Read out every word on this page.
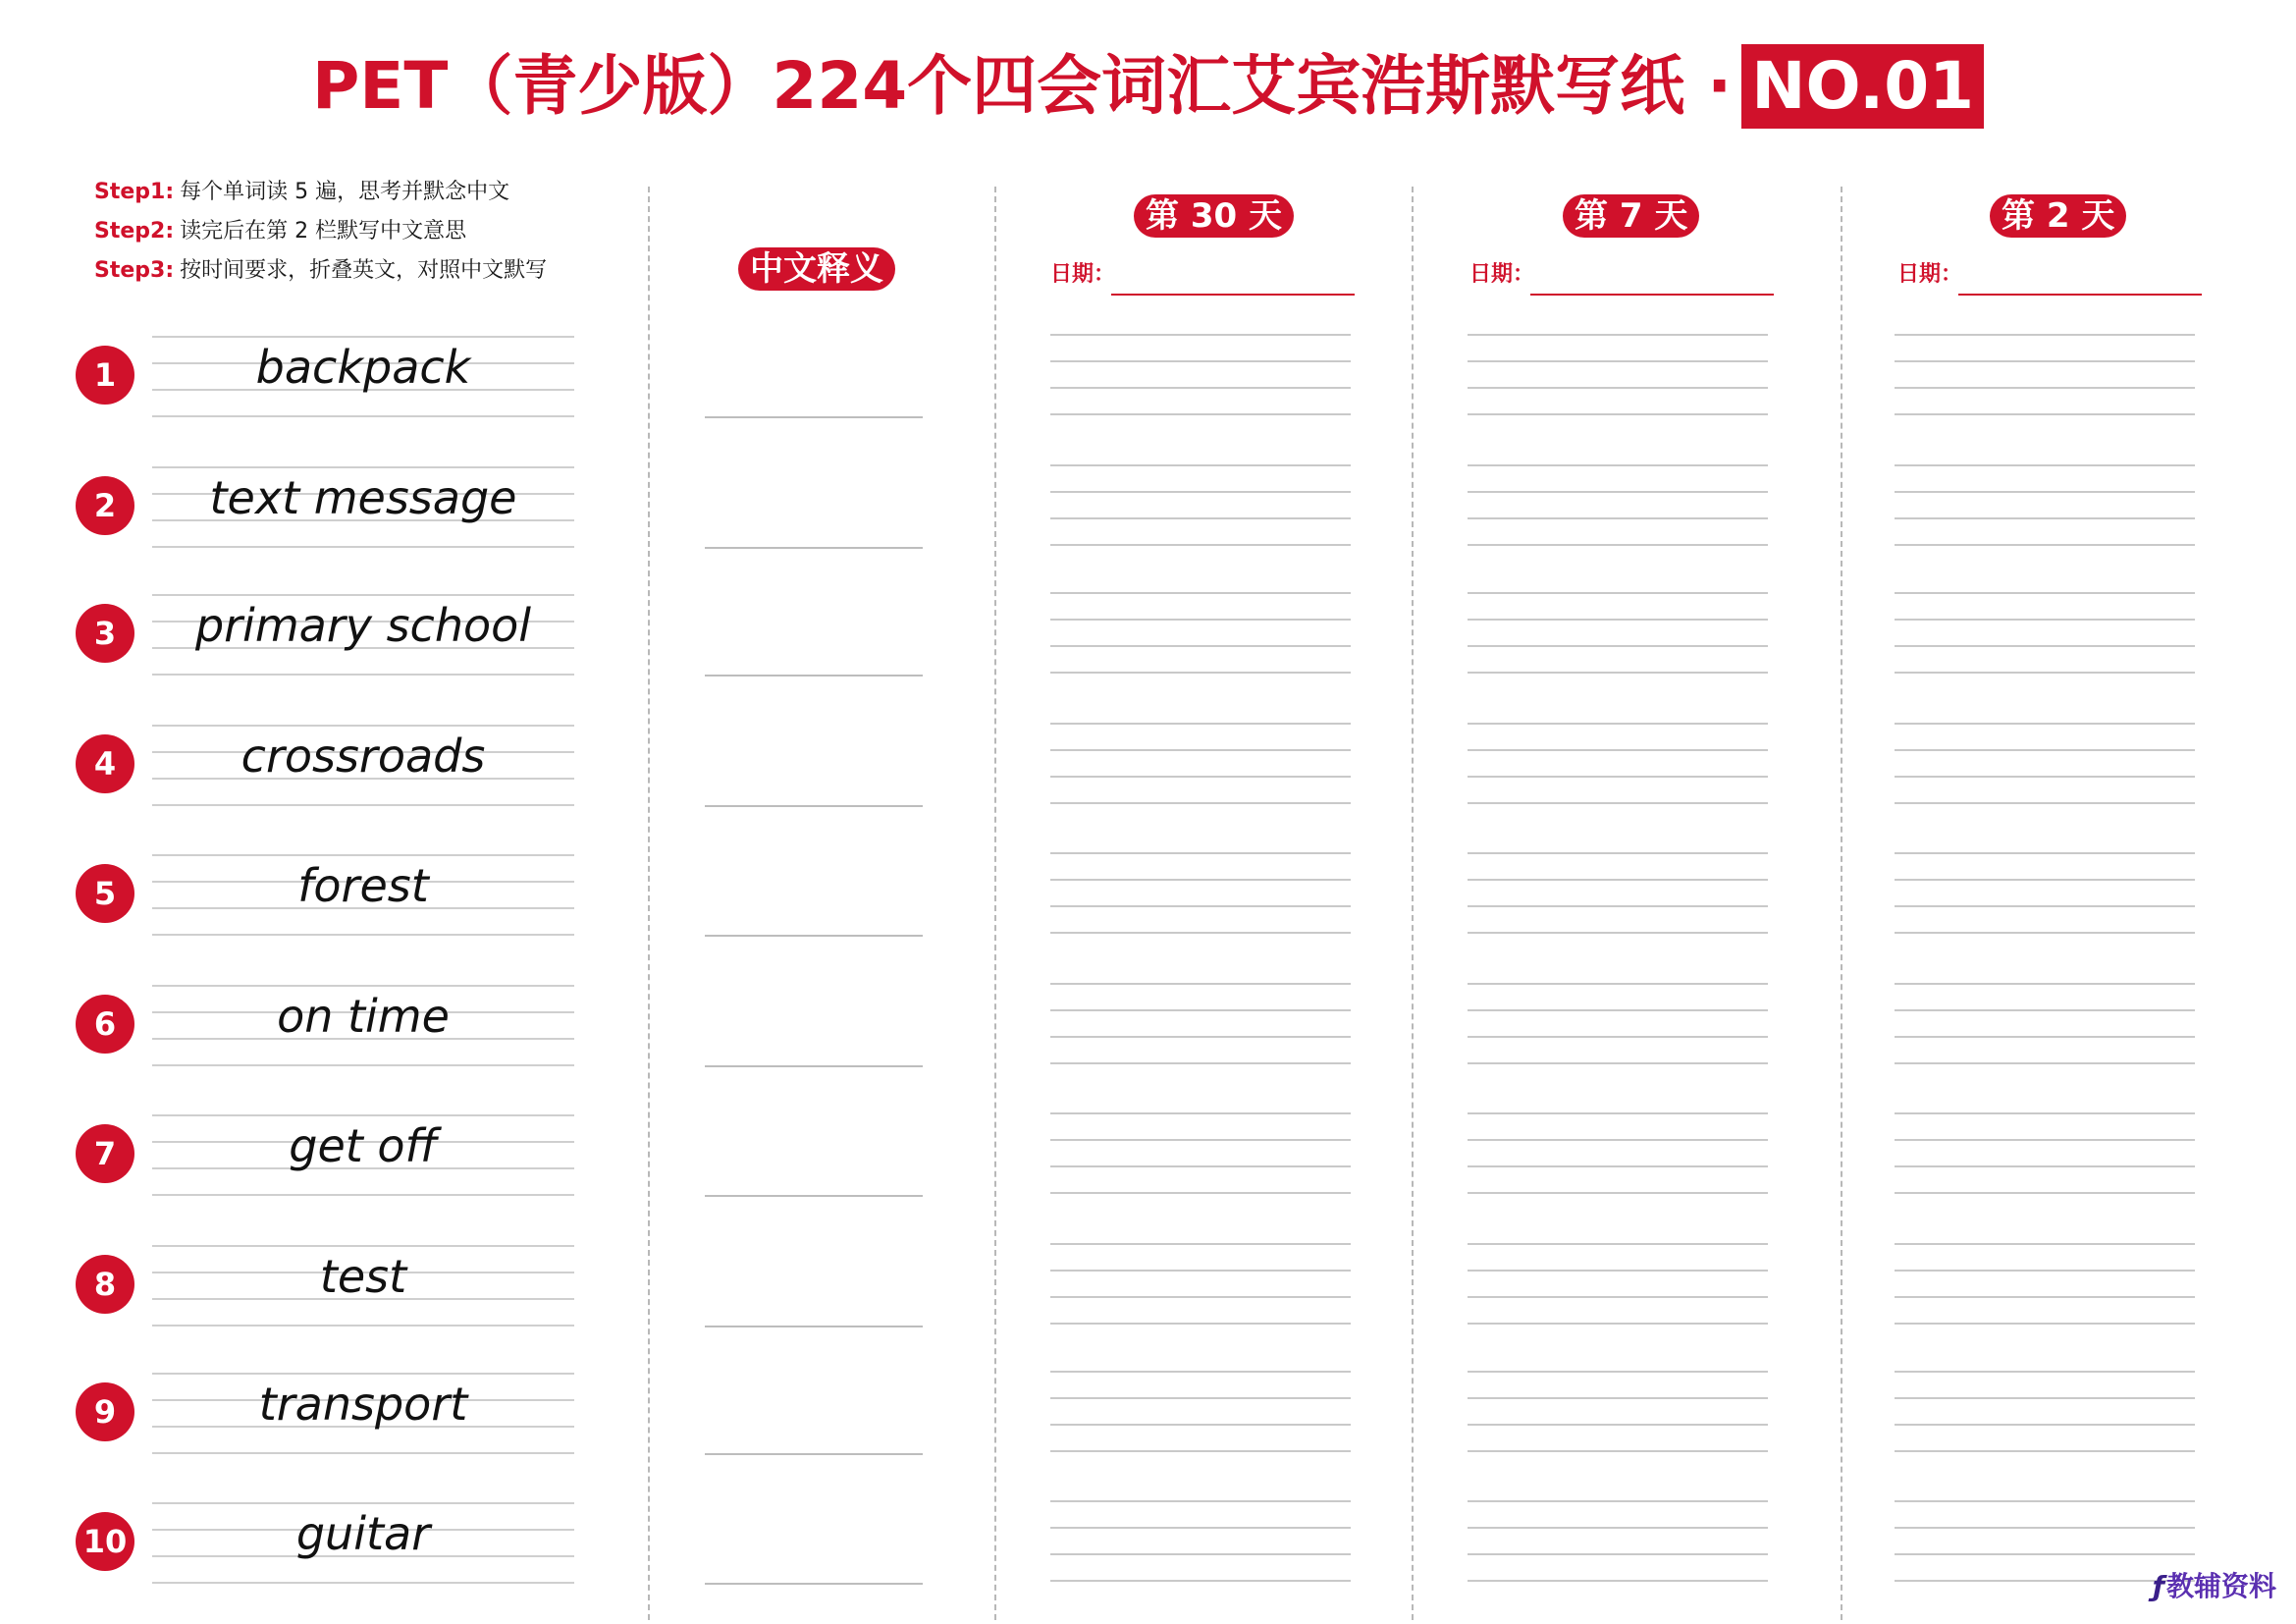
PET（青少版）224个四会词汇艾宾浩斯默写纸 · NO.01
Step1: 每个单词读 5 遍，思考并默念中文
Step2: 读完后在第 2 栏默写中文意思
Step3: 按时间要求，折叠英文，对照中文默写	中文释义
第 30 天
日期：
第 7 天
日期：
第 2 天
日期：
1	backpack
2	text message
3	primary school
4	crossroads
5	forest
6	on time
7	get off
8	test
9	transport
10	guitar
ƒ教辅资料
